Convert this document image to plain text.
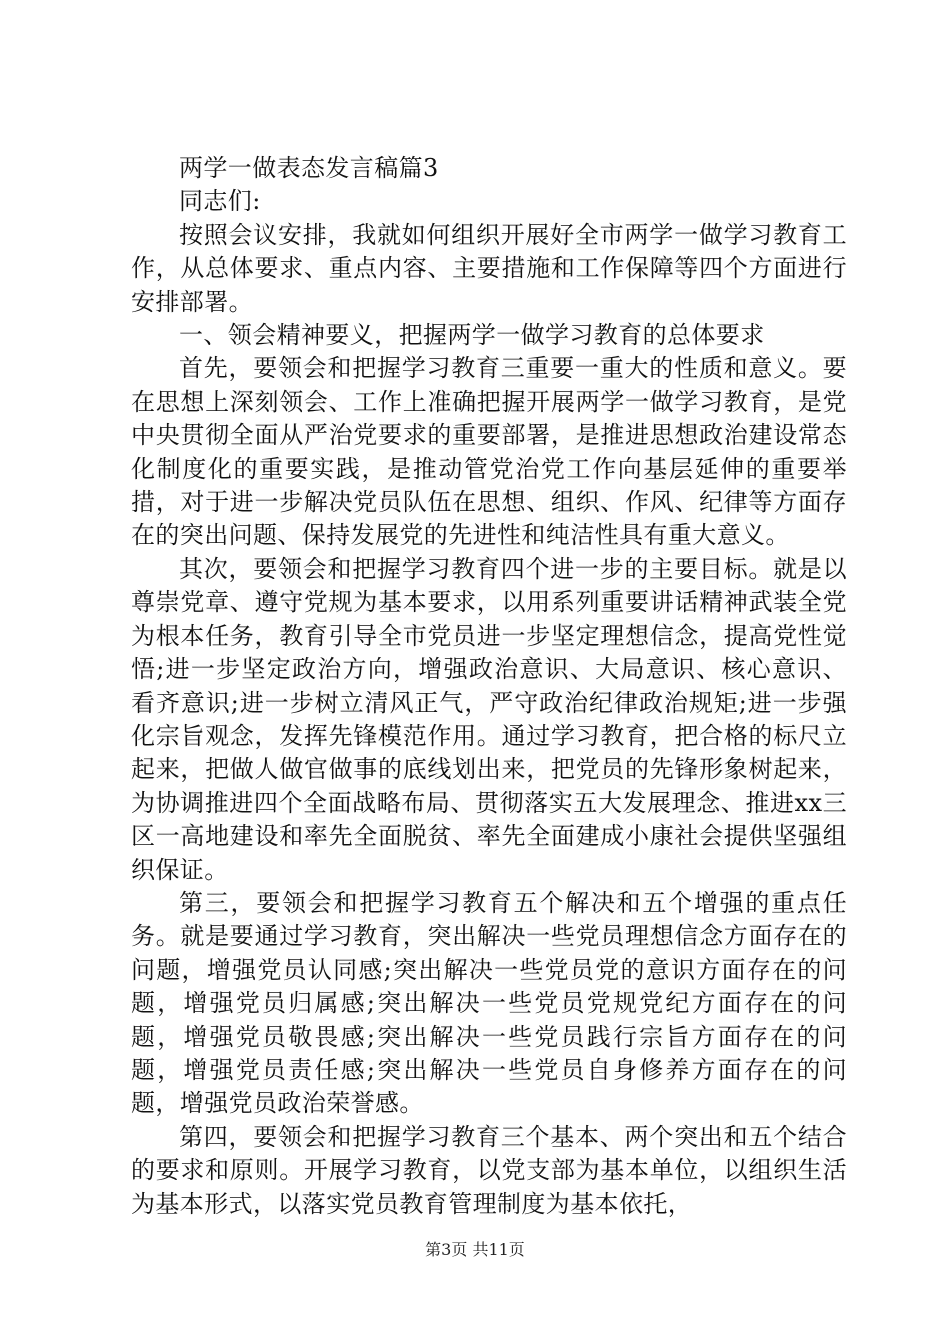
两学一做表态发言稿篇3

同志们:

按照会议安排，我就如何组织开展好全市两学一做学习教育工作，从总体要求、重点内容、主要措施和工作保障等四个方面进行安排部署。

一、领会精神要义，把握两学一做学习教育的总体要求

首先，要领会和把握学习教育三重要一重大的性质和意义。要在思想上深刻领会、工作上准确把握开展两学一做学习教育，是党中央贯彻全面从严治党要求的重要部署，是推进思想政治建设常态化制度化的重要实践，是推动管党治党工作向基层延伸的重要举措，对于进一步解决党员队伍在思想、组织、作风、纪律等方面存在的突出问题、保持发展党的先进性和纯洁性具有重大意义。

其次，要领会和把握学习教育四个进一步的主要目标。就是以尊崇党章、遵守党规为基本要求，以用系列重要讲话精神武装全党为根本任务，教育引导全市党员进一步坚定理想信念，提高党性觉悟;进一步坚定政治方向，增强政治意识、大局意识、核心意识、看齐意识;进一步树立清风正气，严守政治纪律政治规矩;进一步强化宗旨观念，发挥先锋模范作用。通过学习教育，把合格的标尺立起来，把做人做官做事的底线划出来，把党员的先锋形象树起来，为协调推进四个全面战略布局、贯彻落实五大发展理念、推进xx三区一高地建设和率先全面脱贫、率先全面建成小康社会提供坚强组织保证。

第三，要领会和把握学习教育五个解决和五个增强的重点任务。就是要通过学习教育，突出解决一些党员理想信念方面存在的问题，增强党员认同感;突出解决一些党员党的意识方面存在的问题，增强党员归属感;突出解决一些党员党规党纪方面存在的问题，增强党员敬畏感;突出解决一些党员践行宗旨方面存在的问题，增强党员责任感;突出解决一些党员自身修养方面存在的问题，增强党员政治荣誉感。

第四，要领会和把握学习教育三个基本、两个突出和五个结合的要求和原则。开展学习教育，以党支部为基本单位，以组织生活为基本形式，以落实党员教育管理制度为基本依托，

第3页 共11页
